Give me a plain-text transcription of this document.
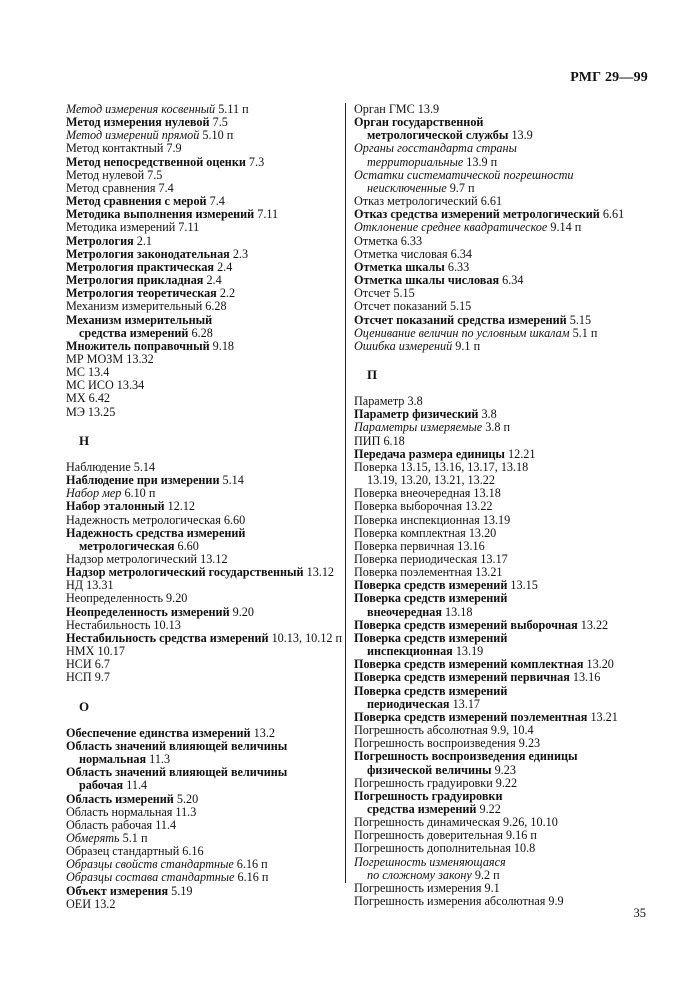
РМГ 29—99
Метод измерения косвенный 5.11 п
Метод измерения нулевой 7.5
Метод измерений прямой 5.10 п
Метод контактный 7.9
Метод непосредственной оценки 7.3
Метод нулевой 7.5
Метод сравнения 7.4
Метод сравнения с мерой 7.4
Методика выполнения измерений 7.11
Методика измерений 7.11
Метрология 2.1
Метрология законодательная 2.3
Метрология практическая 2.4
Метрология прикладная 2.4
Метрология теоретическая 2.2
Механизм измерительный 6.28
Механизм измерительный
средства измерений 6.28
Множитель поправочный 9.18
МР МОЗМ 13.32
МС 13.4
МС ИСО 13.34
МХ 6.42
МЭ 13.25
Н
Наблюдение 5.14
Наблюдение при измерении 5.14
Набор мер 6.10 п
Набор эталонный 12.12
Надежность метрологическая 6.60
Надежность средства измерений
метрологическая 6.60
Надзор метрологический 13.12
Надзор метрологический государственный 13.12
НД 13.31
Неопределенность 9.20
Неопределенность измерений 9.20
Нестабильность 10.13
Нестабильность средства измерений 10.13, 10.12 п
НМХ 10.17
НСИ 6.7
НСП 9.7
О
Обеспечение единства измерений 13.2
Область значений влияющей величины
нормальная 11.3
Область значений влияющей величины
рабочая 11.4
Область измерений 5.20
Область нормальная 11.3
Область рабочая 11.4
Обмерять 5.1 п
Образец стандартный 6.16
Образцы свойств стандартные 6.16 п
Образцы состава стандартные 6.16 п
Объект измерения 5.19
ОЕИ 13.2
Орган ГМС 13.9
Орган государственной
метрологической службы 13.9
Органы госстандарта страны
территориальные 13.9 п
Остатки систематической погрешности
неисключенные 9.7 п
Отказ метрологический 6.61
Отказ средства измерений метрологический 6.61
Отклонение среднее квадратическое 9.14 п
Отметка 6.33
Отметка числовая 6.34
Отметка шкалы 6.33
Отметка шкалы числовая 6.34
Отсчет 5.15
Отсчет показаний 5.15
Отсчет показаний средства измерений 5.15
Оценивание величин по условным шкалам 5.1 п
Ошибка измерений 9.1 п
П
Параметр 3.8
Параметр физический 3.8
Параметры измеряемые 3.8 п
ПИП 6.18
Передача размера единицы 12.21
Поверка 13.15, 13.16, 13.17, 13.18
13.19, 13.20, 13.21, 13.22
Поверка внеочередная 13.18
Поверка выборочная 13.22
Поверка инспекционная 13.19
Поверка комплектная 13.20
Поверка первичная 13.16
Поверка периодическая 13.17
Поверка поэлементная 13.21
Поверка средств измерений 13.15
Поверка средств измерений
внеочередная 13.18
Поверка средств измерений выборочная 13.22
Поверка средств измерений
инспекционная 13.19
Поверка средств измерений комплектная 13.20
Поверка средств измерений первичная 13.16
Поверка средств измерений
периодическая 13.17
Поверка средств измерений поэлементная 13.21
Погрешность абсолютная 9.9, 10.4
Погрешность воспроизведения 9.23
Погрешность воспроизведения единицы
физической величины 9.23
Погрешность градуировки 9.22
Погрешность градуировки
средства измерений 9.22
Погрешность динамическая 9.26, 10.10
Погрешность доверительная 9.16 п
Погрешность дополнительная 10.8
Погрешность изменяющаяся
по сложному закону 9.2 п
Погрешность измерения 9.1
Погрешность измерения абсолютная 9.9
35
